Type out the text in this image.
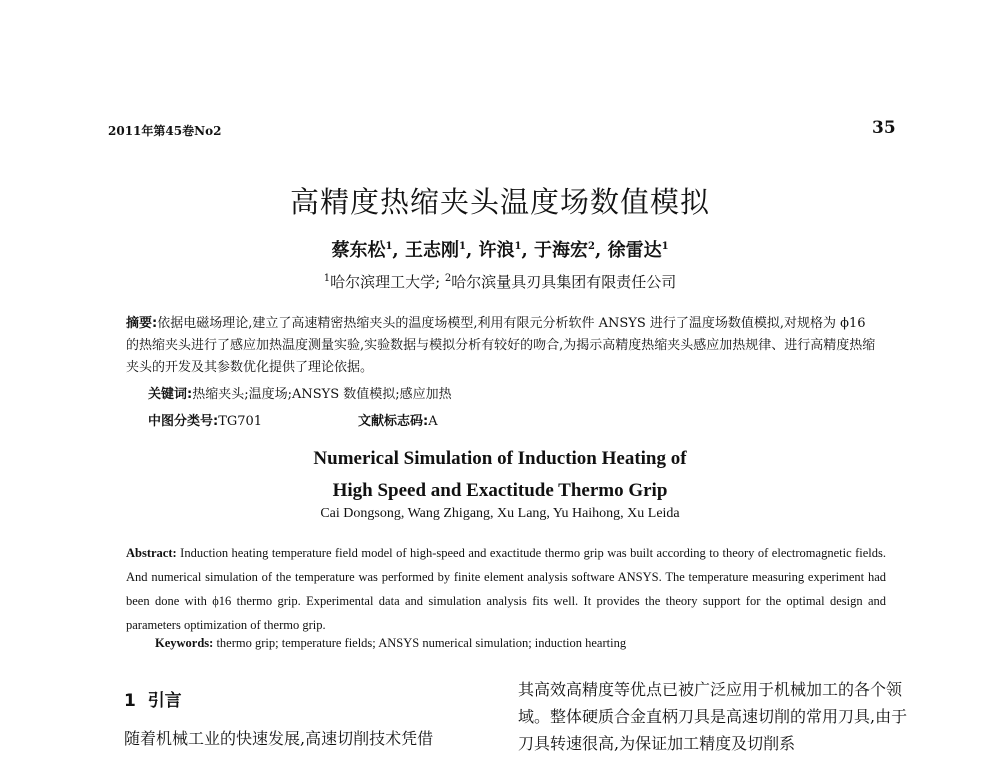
2011年第45卷No2	35
高精度热缩夹头温度场数值模拟
蔡东松$^1$, 王志刚$^1$, 许浪$^1$, 于海宏$^2$, 徐雷达$^1$
$^1$哈尔滨理工大学; $^2$哈尔滨量具刃具集团有限责任公司
摘要:依据电磁场理论,建立了高速精密热缩夹头的温度场模型,利用有限元分析软件 ANSYS 进行了温度场数值模拟,对规格为 ϕ16 的热缩夹头进行了感应加热温度测量实验,实验数据与模拟分析有较好的吻合,为揭示高精度热缩夹头感应加热规律、进行高精度热缩夹头的开发及其参数优化提供了理论依据。
关键词:热缩夹头;温度场;ANSYS 数值模拟;感应加热
中图分类号:TG701	文献标志码:A
Numerical Simulation of Induction Heating of
High Speed and Exactitude Thermo Grip
Cai Dongsong, Wang Zhigang, Xu Lang, Yu Haihong, Xu Leida
Abstract: Induction heating temperature field model of high-speed and exactitude thermo grip was built according to theory of electromagnetic fields. And numerical simulation of the temperature was performed by finite element analysis software ANSYS. The temperature measuring experiment had been done with ϕ16 thermo grip. Experimental data and simulation analysis fits well. It provides the theory support for the optimal design and parameters optimization of thermo grip.
Keywords: thermo grip; temperature fields; ANSYS numerical simulation; induction hearting
1 引言
随着机械工业的快速发展,高速切削技术凭借
其高效高精度等优点已被广泛应用于机械加工的各个领域。整体硬质合金直柄刀具是高速切削的常用刀具,由于刀具转速很高,为保证加工精度及切削系
